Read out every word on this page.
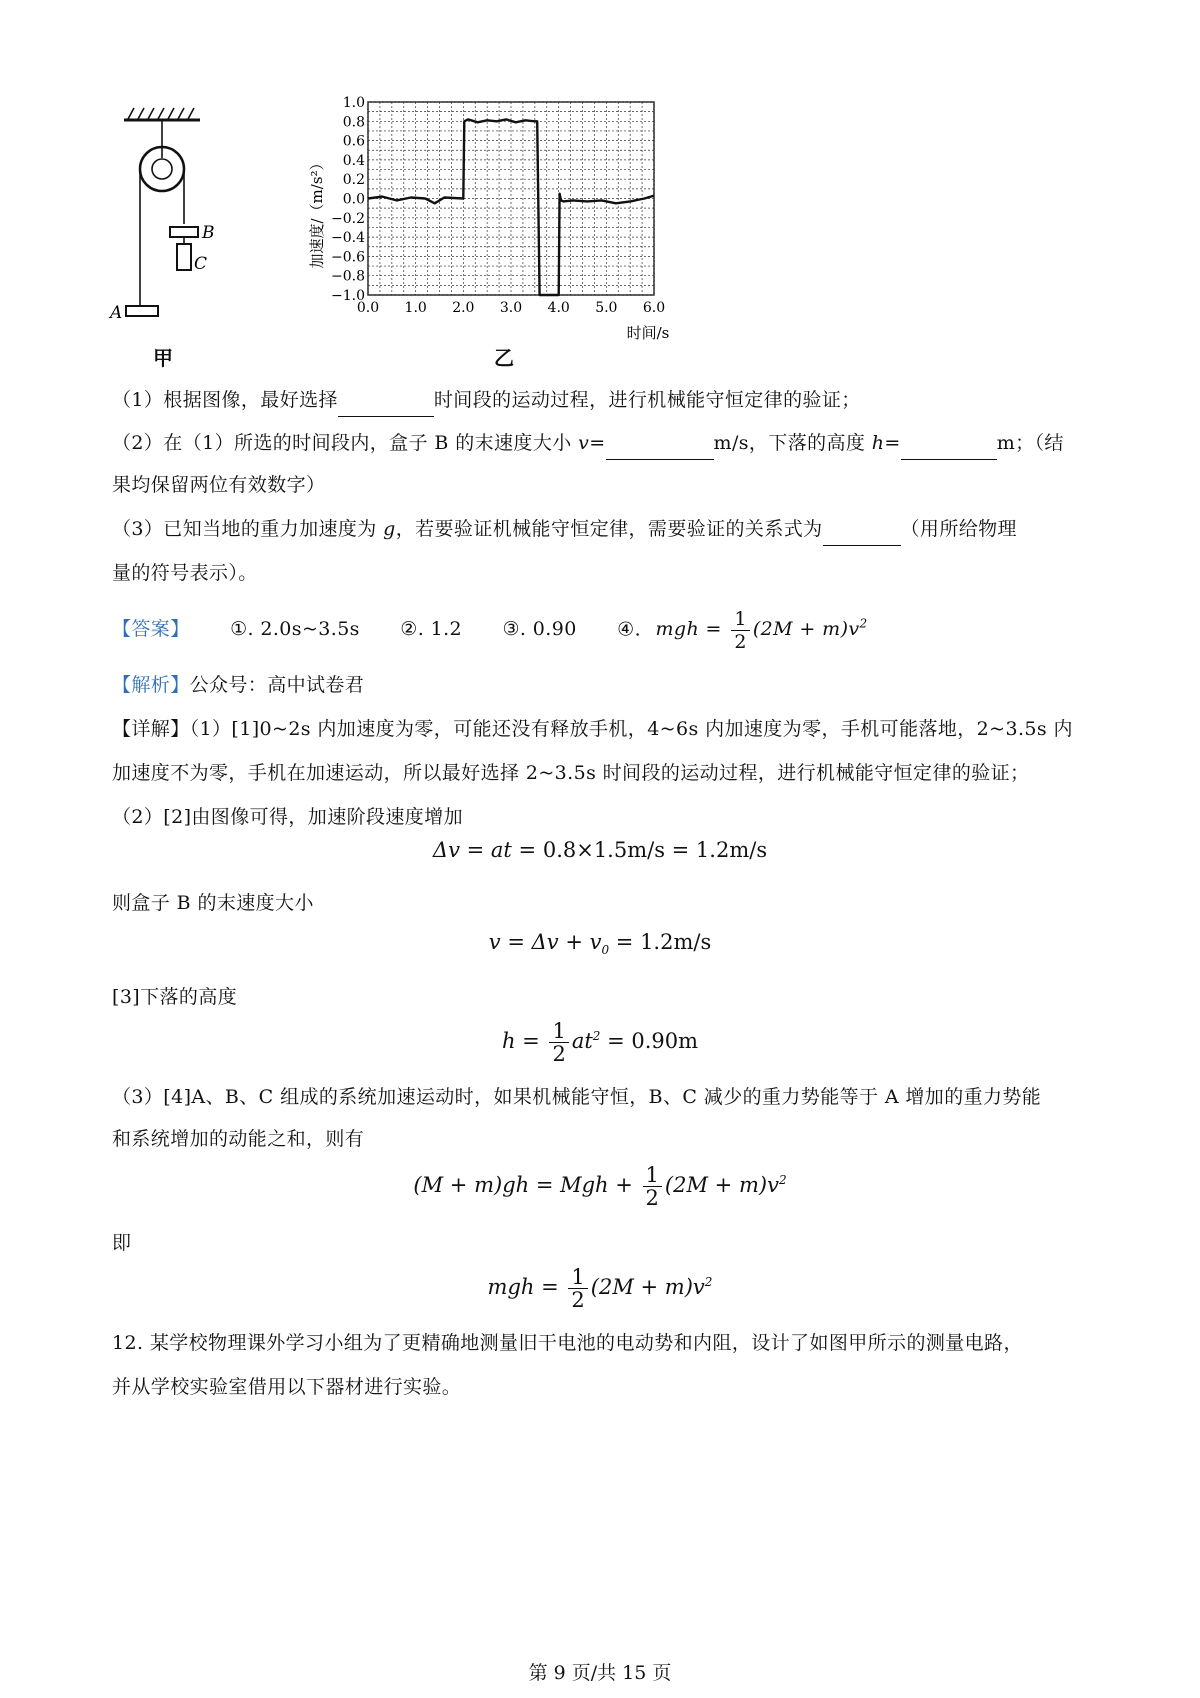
B
C
A
1.0
0.8
0.6
0.4
0.2
0.0
−0.2
−0.4
−0.6
−0.8
−1.0
0.0 1.0 2.0 3.0 4.0 5.0 6.0
加速度/（m/s²）
时间/s
甲	乙
（1）根据图像，最好选择	时间段的运动过程，进行机械能守恒定律的验证；
（2）在（1）所选的时间段内，盒子 B 的末速度大小 v=	m/s，下落的高度 h=	m；（结
果均保留两位有效数字）
（3）已知当地的重力加速度为 g，若要验证机械能守恒定律，需要验证的关系式为	（用所给物理
量的符号表示）。
【答案】 ①. 2.0s~3.5s ②. 1.2 ③. 0.90 ④. mgh = $\frac{1}{2} (2M + m)v^2$
【解析】公众号：高中试卷君
【详解】（1）[1]0~2s 内加速度为零，可能还没有释放手机，4~6s 内加速度为零，手机可能落地，2~3.5s 内
加速度不为零，手机在加速运动，所以最好选择 2~3.5s 时间段的运动过程，进行机械能守恒定律的验证；
（2）[2]由图像可得，加速阶段速度增加
Δv = at = 0.8×1.5m/s = 1.2m/s
则盒子 B 的末速度大小
$v = \Delta v + v_0 = 1.2m/s$
[3]下落的高度
$h = \frac{1}{2} at^2 = 0.90m$
（3）[4]A、B、C 组成的系统加速运动时，如果机械能守恒，B、C 减少的重力势能等于 A 增加的重力势能
和系统增加的动能之和，则有
(M + m)gh = Mgh + $\frac{1}{2} (2M + m)v^2$
即
mgh = $\frac{1}{2} (2M + m)v^2$
12. 某学校物理课外学习小组为了更精确地测量旧干电池的电动势和内阻，设计了如图甲所示的测量电路，
并从学校实验室借用以下器材进行实验。
第 9 页/共 15 页
